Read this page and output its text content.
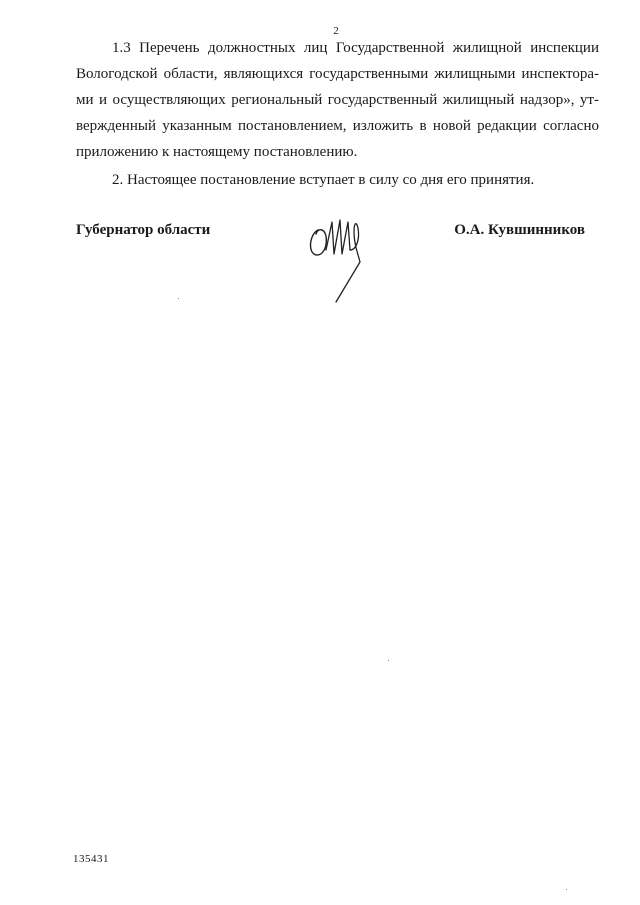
2

1.3 Перечень должностных лиц Государственной жилищной инспекции Вологодской области, являющихся государственными жилищными инспектора-ми и осуществляющих региональный государственный жилищный надзор», ут-вержденный указанным постановлением, изложить в новой редакции согласно приложению к настоящему постановлению.

2. Настоящее постановление вступает в силу со дня его принятия.

Губернатор области	О.А. Кувшинников
135431
